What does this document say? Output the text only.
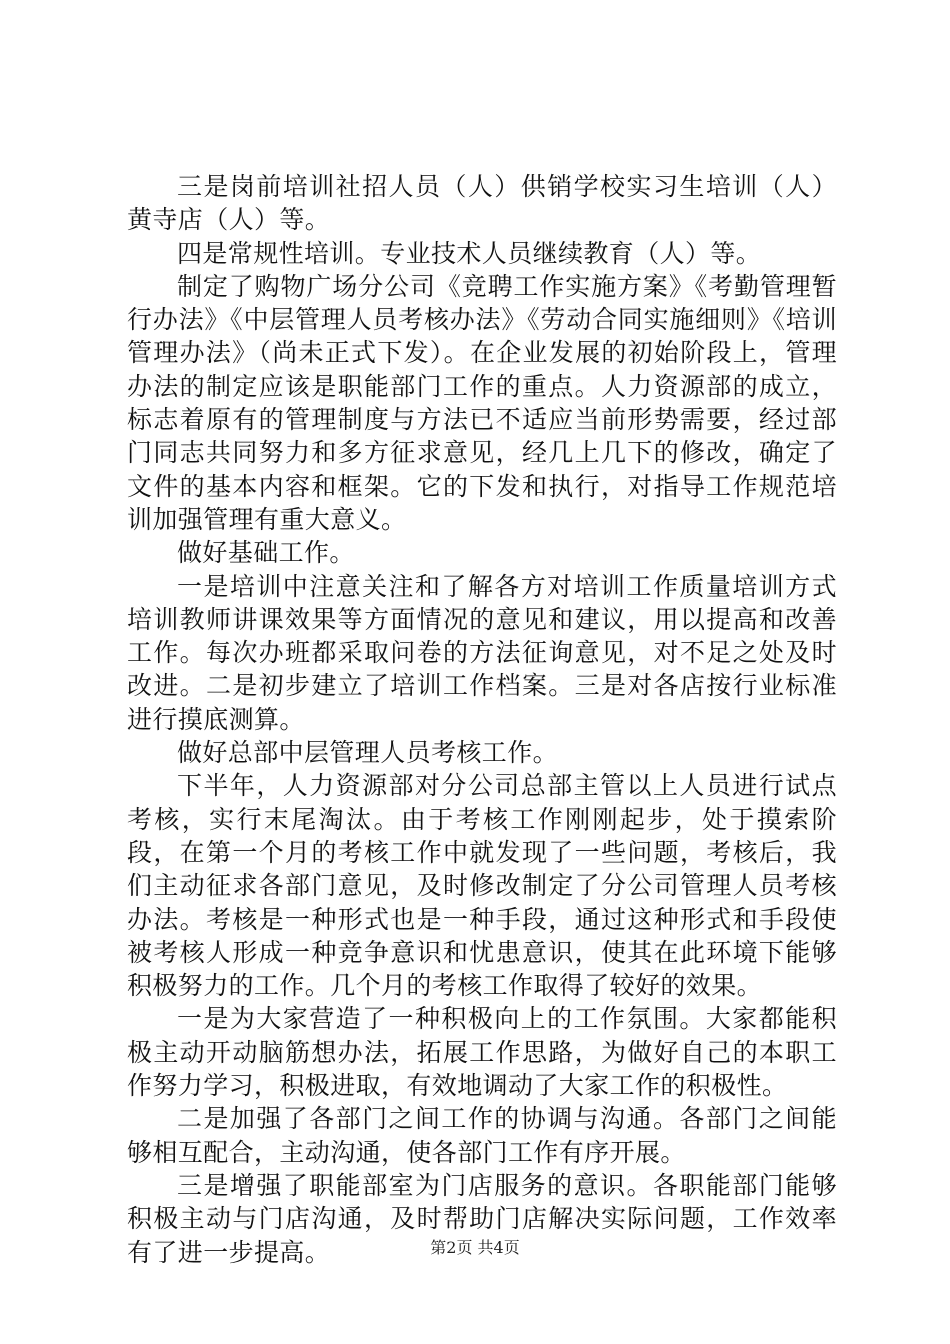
三是岗前培训社招人员（人）供销学校实习生培训（人）黄寺店（人）等。

四是常规性培训。专业技术人员继续教育（人）等。

制定了购物广场分公司《竞聘工作实施方案》《考勤管理暂行办法》《中层管理人员考核办法》《劳动合同实施细则》《培训管理办法》（尚未正式下发）。在企业发展的初始阶段上，管理办法的制定应该是职能部门工作的重点。人力资源部的成立，标志着原有的管理制度与方法已不适应当前形势需要，经过部门同志共同努力和多方征求意见，经几上几下的修改，确定了文件的基本内容和框架。它的下发和执行，对指导工作规范培训加强管理有重大意义。

做好基础工作。

一是培训中注意关注和了解各方对培训工作质量培训方式培训教师讲课效果等方面情况的意见和建议，用以提高和改善工作。每次办班都采取问卷的方法征询意见，对不足之处及时改进。二是初步建立了培训工作档案。三是对各店按行业标准进行摸底测算。

做好总部中层管理人员考核工作。

下半年，人力资源部对分公司总部主管以上人员进行试点考核，实行末尾淘汰。由于考核工作刚刚起步，处于摸索阶段，在第一个月的考核工作中就发现了一些问题，考核后，我们主动征求各部门意见，及时修改制定了分公司管理人员考核办法。考核是一种形式也是一种手段，通过这种形式和手段使被考核人形成一种竞争意识和忧患意识，使其在此环境下能够积极努力的工作。几个月的考核工作取得了较好的效果。

一是为大家营造了一种积极向上的工作氛围。大家都能积极主动开动脑筋想办法，拓展工作思路，为做好自己的本职工作努力学习，积极进取，有效地调动了大家工作的积极性。

二是加强了各部门之间工作的协调与沟通。各部门之间能够相互配合，主动沟通，使各部门工作有序开展。

三是增强了职能部室为门店服务的意识。各职能部门能够积极主动与门店沟通，及时帮助门店解决实际问题，工作效率有了进一步提高。	第2页 共4页
